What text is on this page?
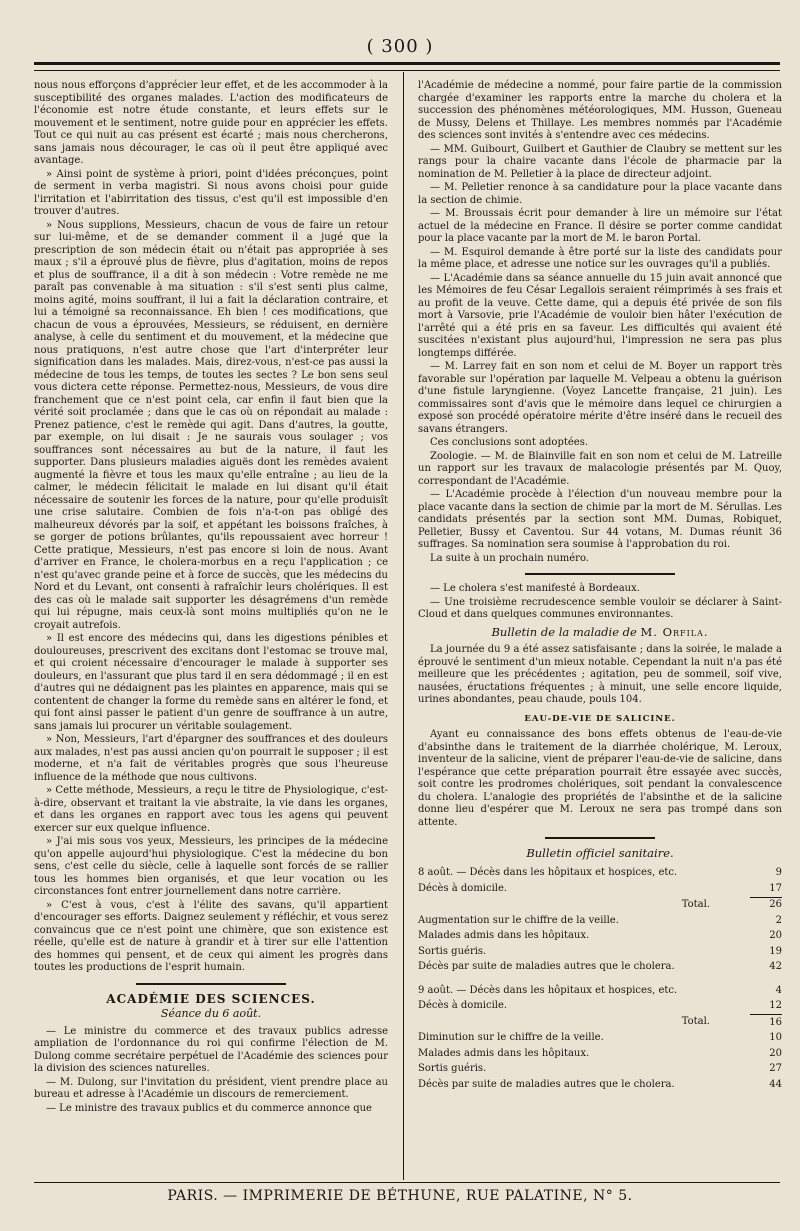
( 300 )

nous nous efforçons d'apprécier leur effet, et de les accommoder à la susceptibilité des organes malades. L'action des modificateurs de l'économie est notre étude constante, et leurs effets sur le mouvement et le sentiment, notre guide pour en apprécier les effets. Tout ce qui nuit au cas présent est écarté ; mais nous chercherons, sans jamais nous décourager, le cas où il peut être appliqué avec avantage.

» Ainsi point de système à priori, point d'idées préconçues, point de serment in verba magistri. Si nous avons choisi pour guide l'irritation et l'abirritation des tissus, c'est qu'il est impossible d'en trouver d'autres.

» Nous supplions, Messieurs, chacun de vous de faire un retour sur lui-même, et de se demander comment il a jugé que la prescription de son médecin était ou n'était pas appropriée à ses maux ; s'il a éprouvé plus de fièvre, plus d'agitation, moins de repos et plus de souffrance, il a dit à son médecin : Votre remède ne me paraît pas convenable à ma situation : s'il s'est senti plus calme, moins agité, moins souffrant, il lui a fait la déclaration contraire, et lui a témoigné sa reconnaissance. Eh bien ! ces modifications, que chacun de vous a éprouvées, Messieurs, se réduisent, en dernière analyse, à celle du sentiment et du mouvement, et la médecine que nous pratiquons, n'est autre chose que l'art d'interpréter leur signification dans les malades. Mais, direz-vous, n'est-ce pas aussi la médecine de tous les temps, de toutes les sectes ? Le bon sens seul vous dictera cette réponse. Permettez-nous, Messieurs, de vous dire franchement que ce n'est point cela, car enfin il faut bien que la vérité soit proclamée ; dans que le cas où on répondait au malade : Prenez patience, c'est le remède qui agit. Dans d'autres, la goutte, par exemple, on lui disait : Je ne saurais vous soulager ; vos souffrances sont nécessaires au but de la nature, il faut les supporter. Dans plusieurs maladies aiguës dont les remèdes avaient augmenté la fièvre et tous les maux qu'elle entraîne ; au lieu de la calmer, le médecin félicitait le malade en lui disant qu'il était nécessaire de soutenir les forces de la nature, pour qu'elle produisît une crise salutaire. Combien de fois n'a-t-on pas obligé des malheureux dévorés par la soif, et appétant les boissons fraîches, à se gorger de potions brûlantes, qu'ils repoussaient avec horreur ! Cette pratique, Messieurs, n'est pas encore si loin de nous. Avant d'arriver en France, le cholera-morbus en a reçu l'application ; ce n'est qu'avec grande peine et à force de succès, que les médecins du Nord et du Levant, ont consenti à rafraîchir leurs cholériques. Il est des cas où le malade sait supporter les désagrémens d'un remède qui lui répugne, mais ceux-là sont moins multipliés qu'on ne le croyait autrefois.

» Il est encore des médecins qui, dans les digestions pénibles et douloureuses, prescrivent des excitans dont l'estomac se trouve mal, et qui croient nécessaire d'encourager le malade à supporter ses douleurs, en l'assurant que plus tard il en sera dédommagé ; il en est d'autres qui ne dédaignent pas les plaintes en apparence, mais qui se contentent de changer la forme du remède sans en altérer le fond, et qui font ainsi passer le patient d'un genre de souffrance à un autre, sans jamais lui procurer un véritable soulagement.

» Non, Messieurs, l'art d'épargner des souffrances et des douleurs aux malades, n'est pas aussi ancien qu'on pourrait le supposer ; il est moderne, et n'a fait de véritables progrès que sous l'heureuse influence de la méthode que nous cultivons.

» Cette méthode, Messieurs, a reçu le titre de Physiologique, c'est-à-dire, observant et traitant la vie abstraite, la vie dans les organes, et dans les organes en rapport avec tous les agens qui peuvent exercer sur eux quelque influence.

» J'ai mis sous vos yeux, Messieurs, les principes de la médecine qu'on appelle aujourd'hui physiologique. C'est la médecine du bon sens, c'est celle du siècle, celle à laquelle sont forcés de se rallier tous les hommes bien organisés, et que leur vocation ou les circonstances font entrer journellement dans notre carrière.

» C'est à vous, c'est à l'élite des savans, qu'il appartient d'encourager ses efforts. Daignez seulement y réfléchir, et vous serez convaincus que ce n'est point une chimère, que son existence est réelle, qu'elle est de nature à grandir et à tirer sur elle l'attention des hommes qui pensent, et de ceux qui aiment les progrès dans toutes les productions de l'esprit humain.

ACADÉMIE DES SCIENCES.
Séance du 6 août.

— Le ministre du commerce et des travaux publics adresse ampliation de l'ordonnance du roi qui confirme l'élection de M. Dulong comme secrétaire perpétuel de l'Académie des sciences pour la division des sciences naturelles.

— M. Dulong, sur l'invitation du président, vient prendre place au bureau et adresse à l'Académie un discours de remerciement.

— Le ministre des travaux publics et du commerce annonce que

l'Académie de médecine a nommé, pour faire partie de la commission chargée d'examiner les rapports entre la marche du cholera et la succession des phénomènes météorologiques, MM. Husson, Gueneau de Mussy, Delens et Thillaye. Les membres nommés par l'Académie des sciences sont invités à s'entendre avec ces médecins.

— MM. Guibourt, Guilbert et Gauthier de Claubry se mettent sur les rangs pour la chaire vacante dans l'école de pharmacie par la nomination de M. Pelletier à la place de directeur adjoint.

— M. Pelletier renonce à sa candidature pour la place vacante dans la section de chimie.

— M. Broussais écrit pour demander à lire un mémoire sur l'état actuel de la médecine en France. Il désire se porter comme candidat pour la place vacante par la mort de M. le baron Portal.

— M. Esquirol demande à être porté sur la liste des candidats pour la même place, et adresse une notice sur les ouvrages qu'il a publiés.

— L'Académie dans sa séance annuelle du 15 juin avait annoncé que les Mémoires de feu César Legallois seraient réimprimés à ses frais et au profit de la veuve. Cette dame, qui a depuis été privée de son fils mort à Varsovie, prie l'Académie de vouloir bien hâter l'exécution de l'arrêté qui a été pris en sa faveur. Les difficultés qui avaient été suscitées n'existant plus aujourd'hui, l'impression ne sera pas plus longtemps différée.

— M. Larrey fait en son nom et celui de M. Boyer un rapport très favorable sur l'opération par laquelle M. Velpeau a obtenu la guérison d'une fistule laryngienne. (Voyez Lancette française, 21 juin). Les commissaires sont d'avis que le mémoire dans lequel ce chirurgien a exposé son procédé opératoire mérite d'être inséré dans le recueil des savans étrangers.

Ces conclusions sont adoptées.

Zoologie. — M. de Blainville fait en son nom et celui de M. Latreille un rapport sur les travaux de malacologie présentés par M. Quoy, correspondant de l'Académie.

— L'Académie procède à l'élection d'un nouveau membre pour la place vacante dans la section de chimie par la mort de M. Sérullas. Les candidats présentés par la section sont MM. Dumas, Robiquet, Pelletier, Bussy et Caventou. Sur 44 votans, M. Dumas réunit 36 suffrages. Sa nomination sera soumise à l'approbation du roi.

La suite à un prochain numéro.

— Le cholera s'est manifesté à Bordeaux.

— Une troisième recrudescence semble vouloir se déclarer à Saint-Cloud et dans quelques communes environnantes.

Bulletin de la maladie de M. Orfila.

La journée du 9 a été assez satisfaisante ; dans la soirée, le malade a éprouvé le sentiment d'un mieux notable. Cependant la nuit n'a pas été meilleure que les précédentes ; agitation, peu de sommeil, soif vive, nausées, éructations fréquentes ; à minuit, une selle encore liquide, urines abondantes, peau chaude, pouls 104.

EAU-DE-VIE DE SALICINE.

Ayant eu connaissance des bons effets obtenus de l'eau-de-vie d'absinthe dans le traitement de la diarrhée cholérique, M. Leroux, inventeur de la salicine, vient de préparer l'eau-de-vie de salicine, dans l'espérance que cette préparation pourrait être essayée avec succès, soit contre les prodromes cholériques, soit pendant la convalescence du cholera. L'analogie des propriétés de l'absinthe et de la salicine donne lieu d'espérer que M. Leroux ne sera pas trompé dans son attente.

Bulletin officiel sanitaire.
8 août. — Décès dans les hôpitaux et hospices, etc.	9
Décès à domicile.	17
Total.	26
Augmentation sur le chiffre de la veille.	2
Malades admis dans les hôpitaux.	20
Sortis guéris.	19
Décès par suite de maladies autres que le cholera.	42
9 août. — Décès dans les hôpitaux et hospices, etc.	4
Décès à domicile.	12
Total.	16
Diminution sur le chiffre de la veille.	10
Malades admis dans les hôpitaux.	20
Sortis guéris.	27
Décès par suite de maladies autres que le cholera.	44
PARIS. — IMPRIMERIE DE BÉTHUNE, RUE PALATINE, N° 5.
